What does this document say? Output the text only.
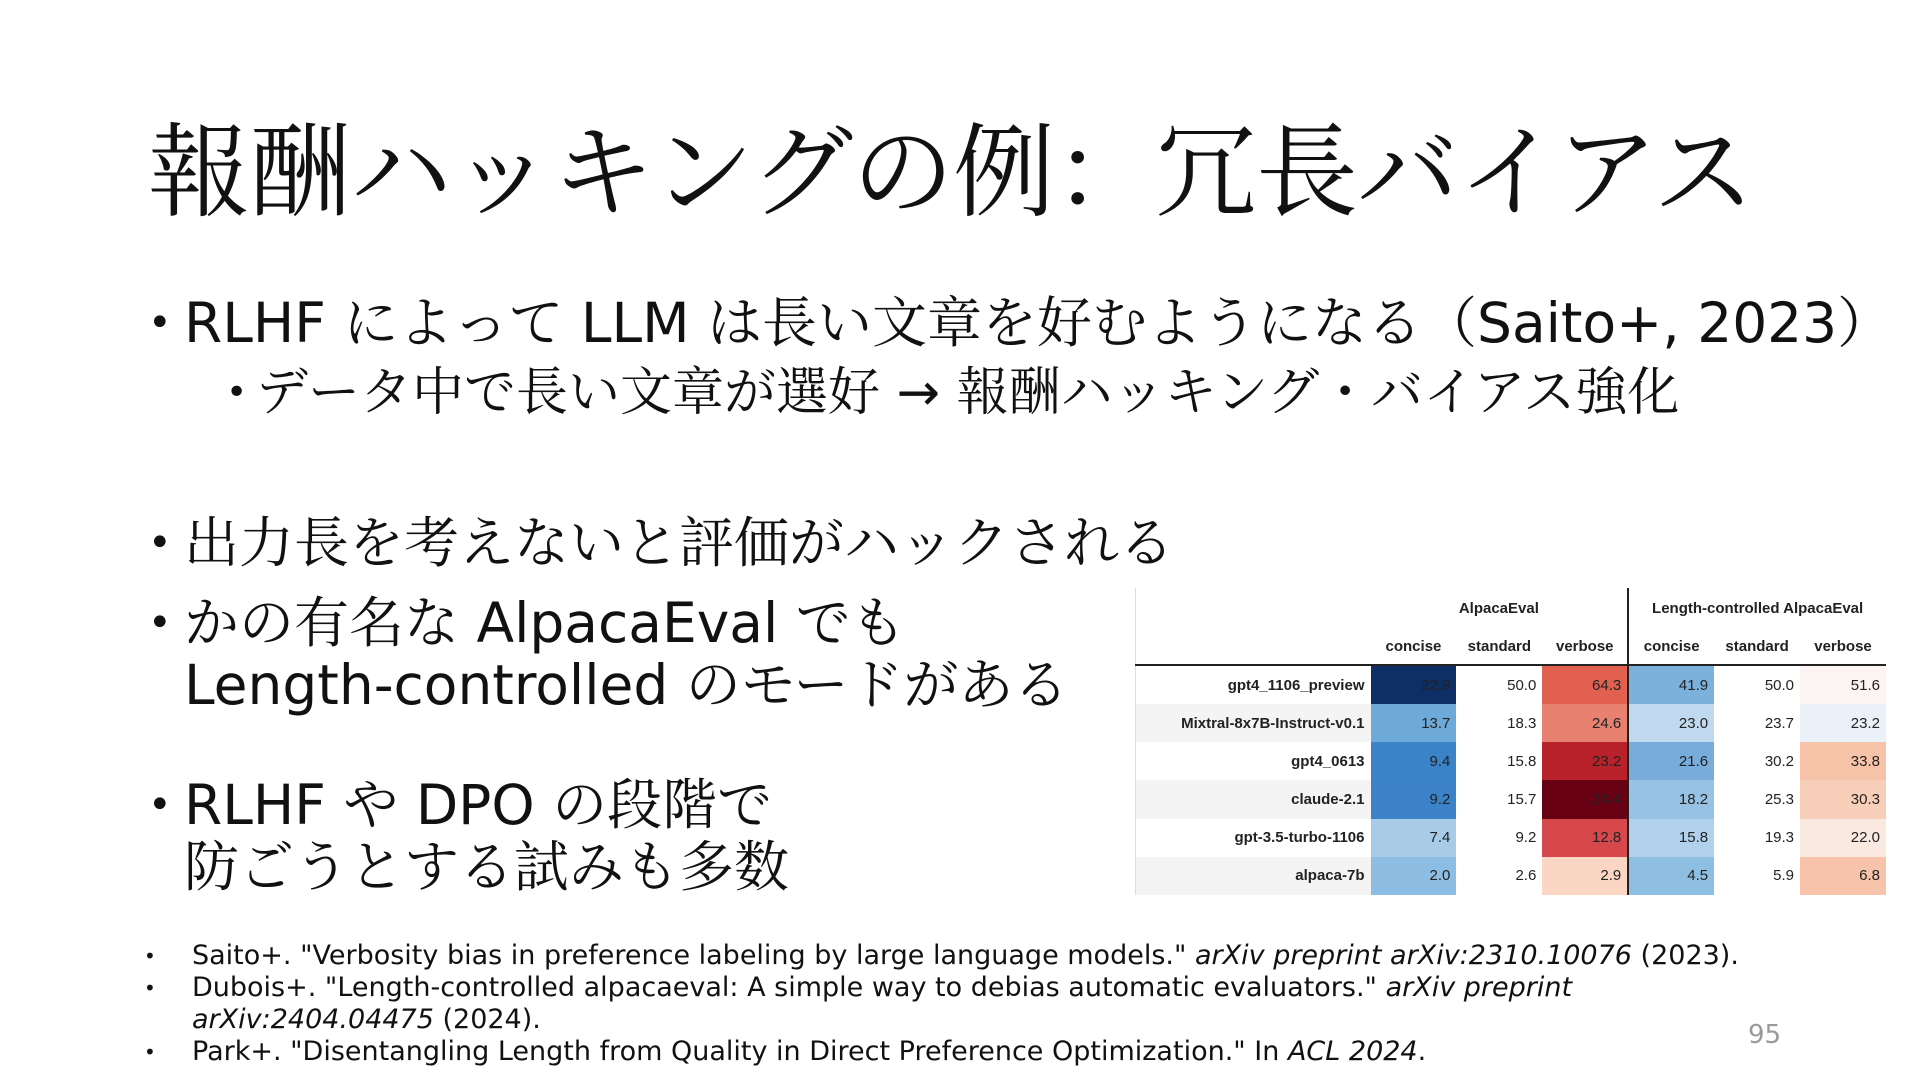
報酬ハッキングの例：冗長バイアス
• RLHF によって LLM は長い文章を好むようになる（Saito+, 2023）
• データ中で長い文章が選好 → 報酬ハッキング・バイアス強化
• 出力長を考えないと評価がハックされる
• かの有名な AlpacaEval でも
Length-controlled のモードがある
• RLHF や DPO の段階で
防ごうとする試みも多数
	AlpacaEval			Length-controlled AlpacaEval		
	concise	standard	verbose	concise	standard	verbose
gpt4_1106_preview	22.9	50.0	64.3	41.9	50.0	51.6
Mixtral-8x7B-Instruct-v0.1	13.7	18.3	24.6	23.0	23.7	23.2
gpt4_0613	9.4	15.8	23.2	21.6	30.2	33.8
claude-2.1	9.2	15.7	24.4	18.2	25.3	30.3
gpt-3.5-turbo-1106	7.4	9.2	12.8	15.8	19.3	22.0
alpaca-7b	2.0	2.6	2.9	4.5	5.9	6.8
• Saito+. "Verbosity bias in preference labeling by large language models." arXiv preprint arXiv:2310.10076 (2023).
• Dubois+. "Length-controlled alpacaeval: A simple way to debias automatic evaluators." arXiv preprint arXiv:2404.04475 (2024).
• Park+. "Disentangling Length from Quality in Direct Preference Optimization." In ACL 2024.
95
